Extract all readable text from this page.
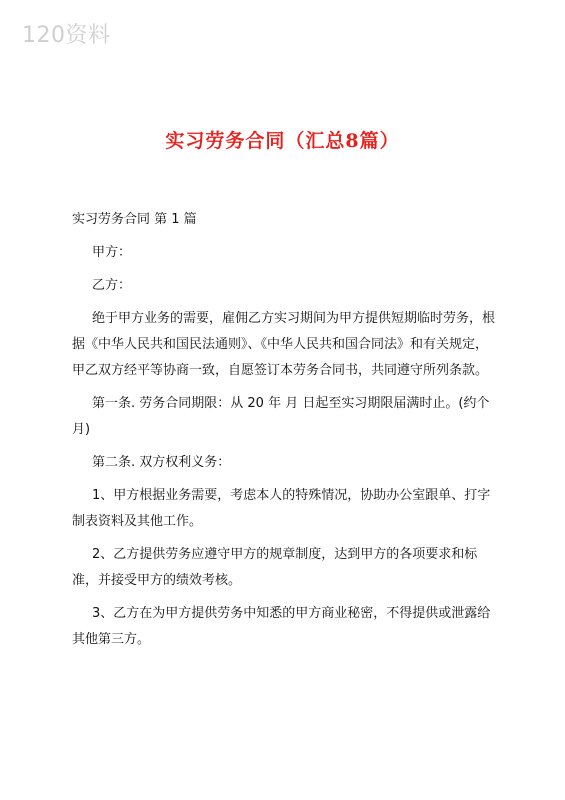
120资料
实习劳务合同（汇总8篇）
实习劳务合同 第 1 篇

甲方：

乙方：

绝于甲方业务的需要，雇佣乙方实习期间为甲方提供短期临时劳务，根据《中华人民共和国民法通则》、《中华人民共和国合同法》和有关规定，甲乙双方经平等协商一致，自愿签订本劳务合同书，共同遵守所列条款。

第一条. 劳务合同期限：从 20 年 月 日起至实习期限届满时止。(约个月)

第二条. 双方权利义务：

1、甲方根据业务需要，考虑本人的特殊情况，协助办公室跟单、打字制表资料及其他工作。

2、乙方提供劳务应遵守甲方的规章制度，达到甲方的各项要求和标准，并接受甲方的绩效考核。

3、乙方在为甲方提供劳务中知悉的甲方商业秘密，不得提供或泄露给其他第三方。
